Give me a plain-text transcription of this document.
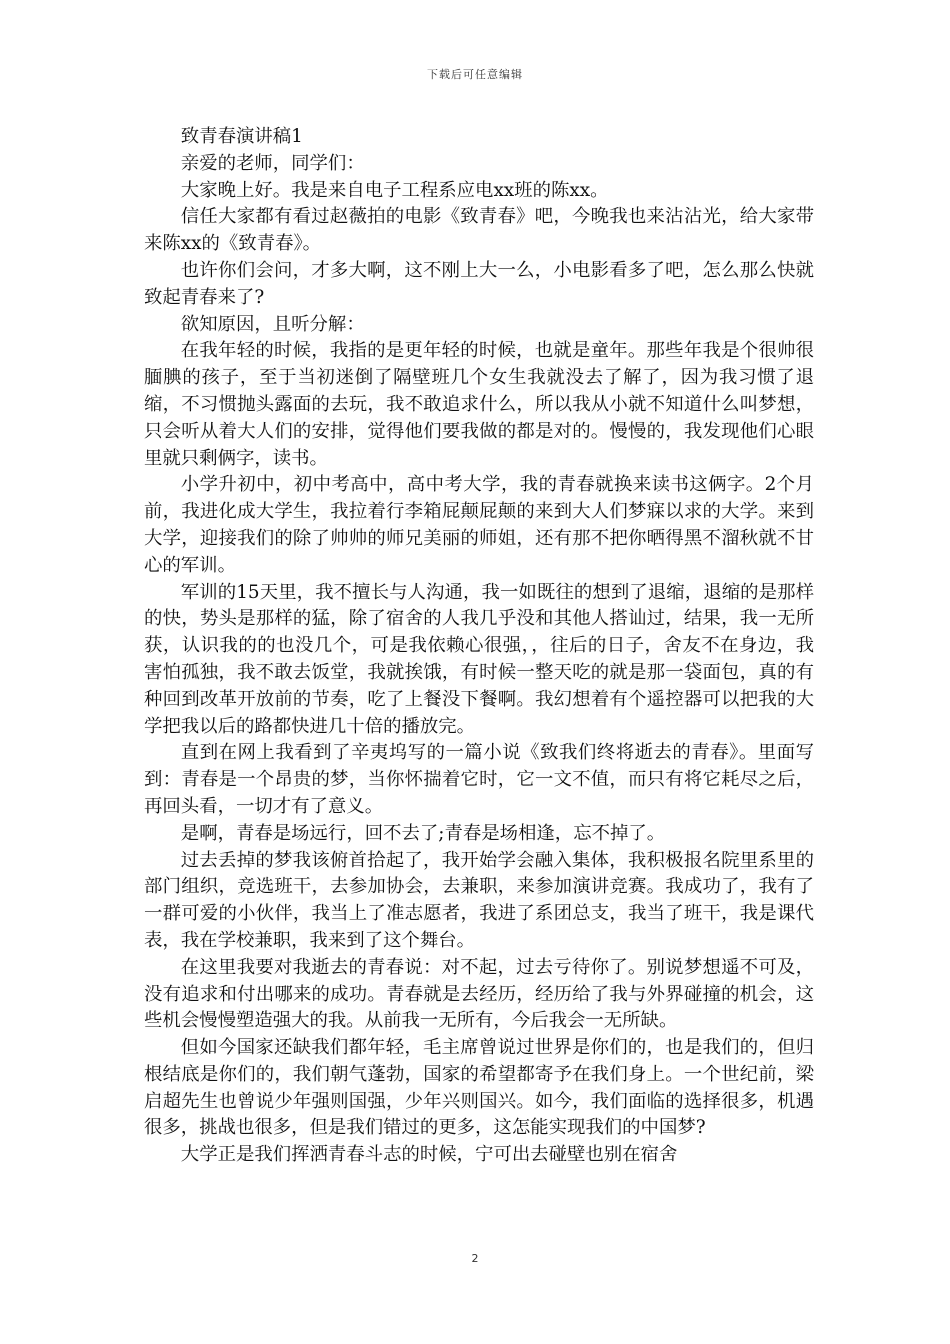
下载后可任意编辑

致青春演讲稿1

亲爱的老师，同学们：

大家晚上好。我是来自电子工程系应电xx班的陈xx。

信任大家都有看过赵薇拍的电影《致青春》吧，今晚我也来沾沾光，给大家带来陈xx的《致青春》。

也许你们会问，才多大啊，这不刚上大一么，小电影看多了吧，怎么那么快就致起青春来了?

欲知原因，且听分解：

在我年轻的时候，我指的是更年轻的时候，也就是童年。那些年我是个很帅很腼腆的孩子，至于当初迷倒了隔壁班几个女生我就没去了解了，因为我习惯了退缩，不习惯抛头露面的去玩，我不敢追求什么，所以我从小就不知道什么叫梦想，只会听从着大人们的安排，觉得他们要我做的都是对的。慢慢的，我发现他们心眼里就只剩俩字，读书。

小学升初中，初中考高中，高中考大学，我的青春就换来读书这俩字。2个月前，我进化成大学生，我拉着行李箱屁颠屁颠的来到大人们梦寐以求的大学。来到大学，迎接我们的除了帅帅的师兄美丽的师姐，还有那不把你晒得黑不溜秋就不甘心的军训。

军训的15天里，我不擅长与人沟通，我一如既往的想到了退缩，退缩的是那样的快，势头是那样的猛，除了宿舍的人我几乎没和其他人搭讪过，结果，我一无所获，认识我的的也没几个，可是我依赖心很强，，往后的日子，舍友不在身边，我害怕孤独，我不敢去饭堂，我就挨饿，有时候一整天吃的就是那一袋面包，真的有种回到改革开放前的节奏，吃了上餐没下餐啊。我幻想着有个遥控器可以把我的大学把我以后的路都快进几十倍的播放完。

直到在网上我看到了辛夷坞写的一篇小说《致我们终将逝去的青春》。里面写到：青春是一个昂贵的梦，当你怀揣着它时，它一文不值，而只有将它耗尽之后，再回头看，一切才有了意义。

是啊，青春是场远行，回不去了;青春是场相逢，忘不掉了。

过去丢掉的梦我该俯首拾起了，我开始学会融入集体，我积极报名院里系里的部门组织，竞选班干，去参加协会，去兼职，来参加演讲竞赛。我成功了，我有了一群可爱的小伙伴，我当上了准志愿者，我进了系团总支，我当了班干，我是课代表，我在学校兼职，我来到了这个舞台。

在这里我要对我逝去的青春说：对不起，过去亏待你了。别说梦想遥不可及，没有追求和付出哪来的成功。青春就是去经历，经历给了我与外界碰撞的机会，这些机会慢慢塑造强大的我。从前我一无所有，今后我会一无所缺。

但如今国家还缺我们都年轻，毛主席曾说过世界是你们的，也是我们的，但归根结底是你们的，我们朝气蓬勃，国家的希望都寄予在我们身上。一个世纪前，梁启超先生也曾说少年强则国强，少年兴则国兴。如今，我们面临的选择很多，机遇很多，挑战也很多，但是我们错过的更多，这怎能实现我们的中国梦?

大学正是我们挥洒青春斗志的时候，宁可出去碰壁也别在宿舍

2
